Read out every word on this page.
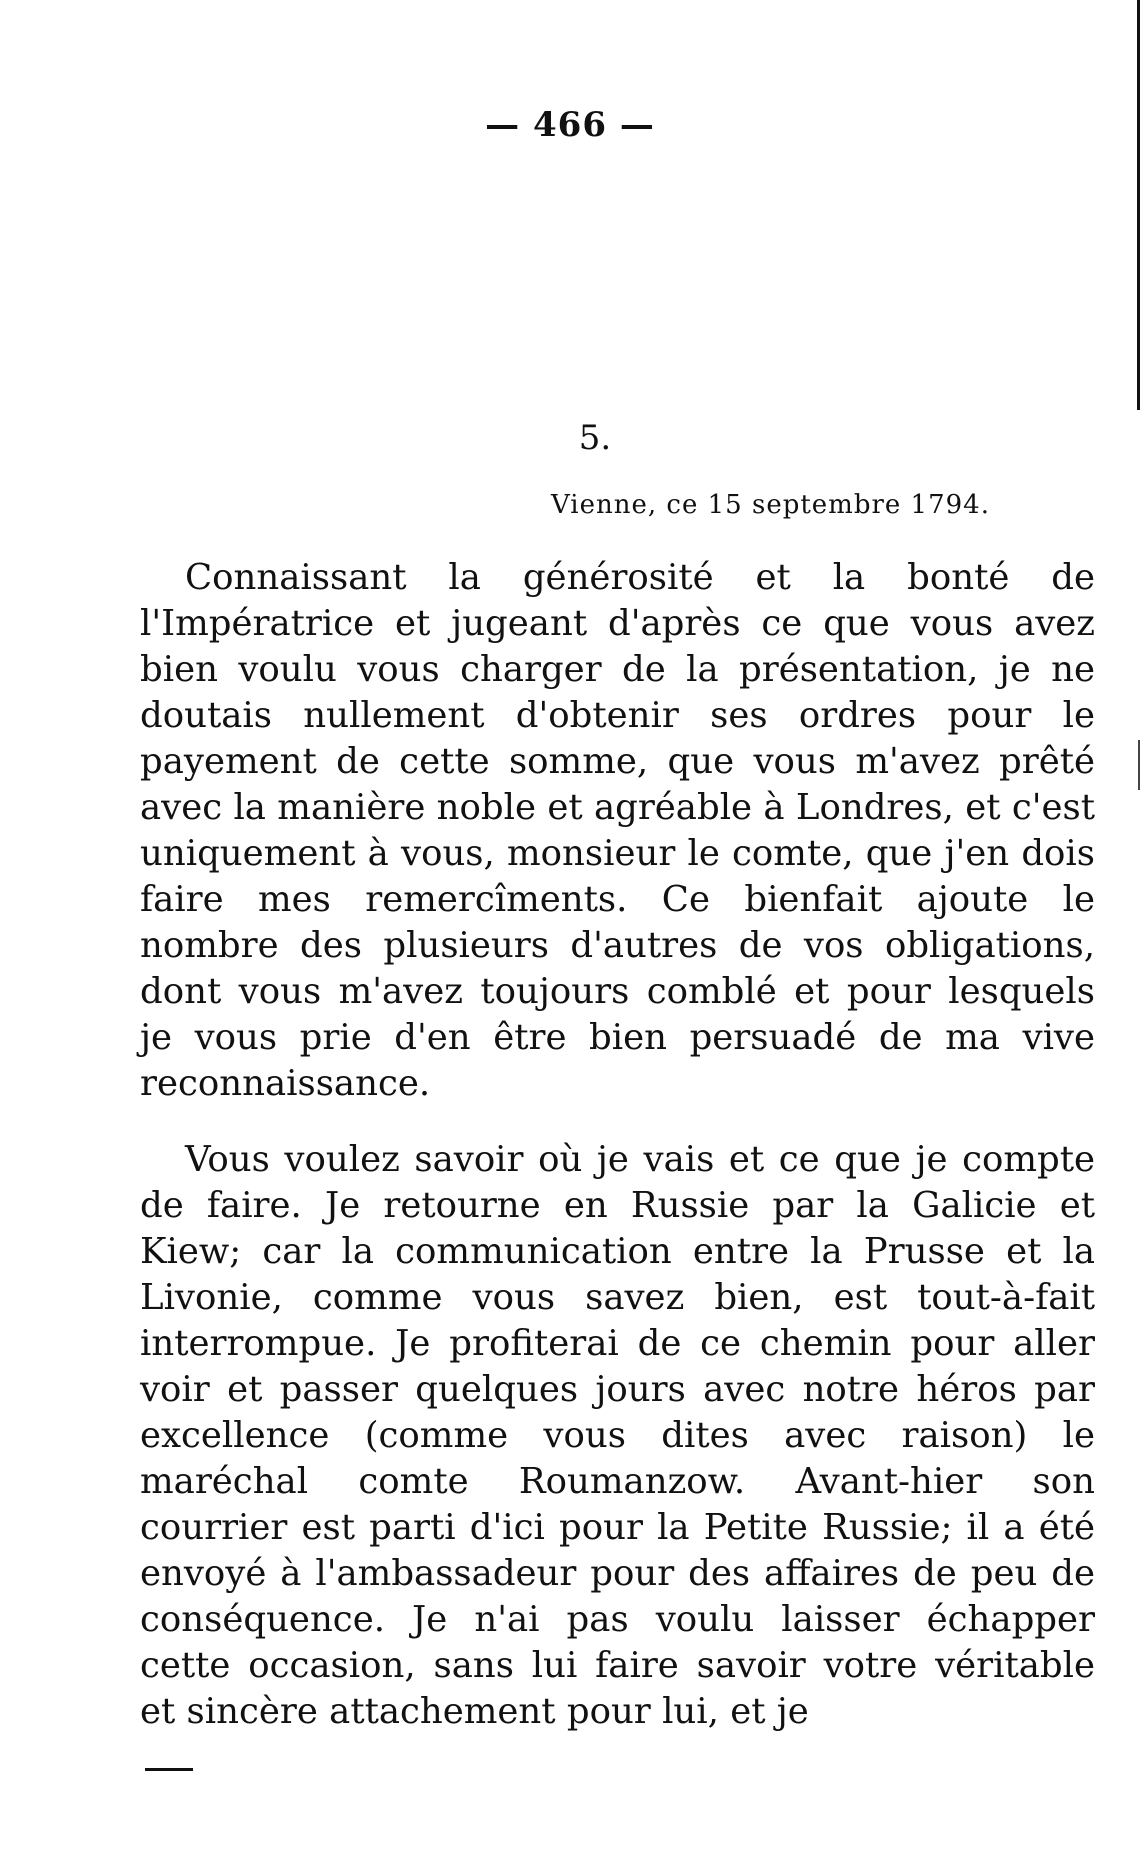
— 466 —
5.
Vienne, ce 15 septembre 1794.

Connaissant la générosité et la bonté de l'Impératrice et jugeant d'après ce que vous avez bien voulu vous charger de la présentation, je ne doutais nullement d'obtenir ses ordres pour le payement de cette somme, que vous m'avez prêté avec la manière noble et agréable à Londres, et c'est uniquement à vous, monsieur le comte, que j'en dois faire mes remercîments. Ce bienfait ajoute le nombre des plusieurs d'autres de vos obligations, dont vous m'avez toujours comblé et pour lesquels je vous prie d'en être bien persuadé de ma vive reconnaissance.

Vous voulez savoir où je vais et ce que je compte de faire. Je retourne en Russie par la Galicie et Kiew; car la communication entre la Prusse et la Livonie, comme vous savez bien, est tout-à-fait interrompue. Je profiterai de ce chemin pour aller voir et passer quelques jours avec notre héros par excellence (comme vous dites avec raison) le maréchal comte Roumanzow. Avant-hier son courrier est parti d'ici pour la Petite Russie; il a été envoyé à l'ambassadeur pour des affaires de peu de conséquence. Je n'ai pas voulu laisser échapper cette occasion, sans lui faire savoir votre véritable et sincère attachement pour lui, et je
